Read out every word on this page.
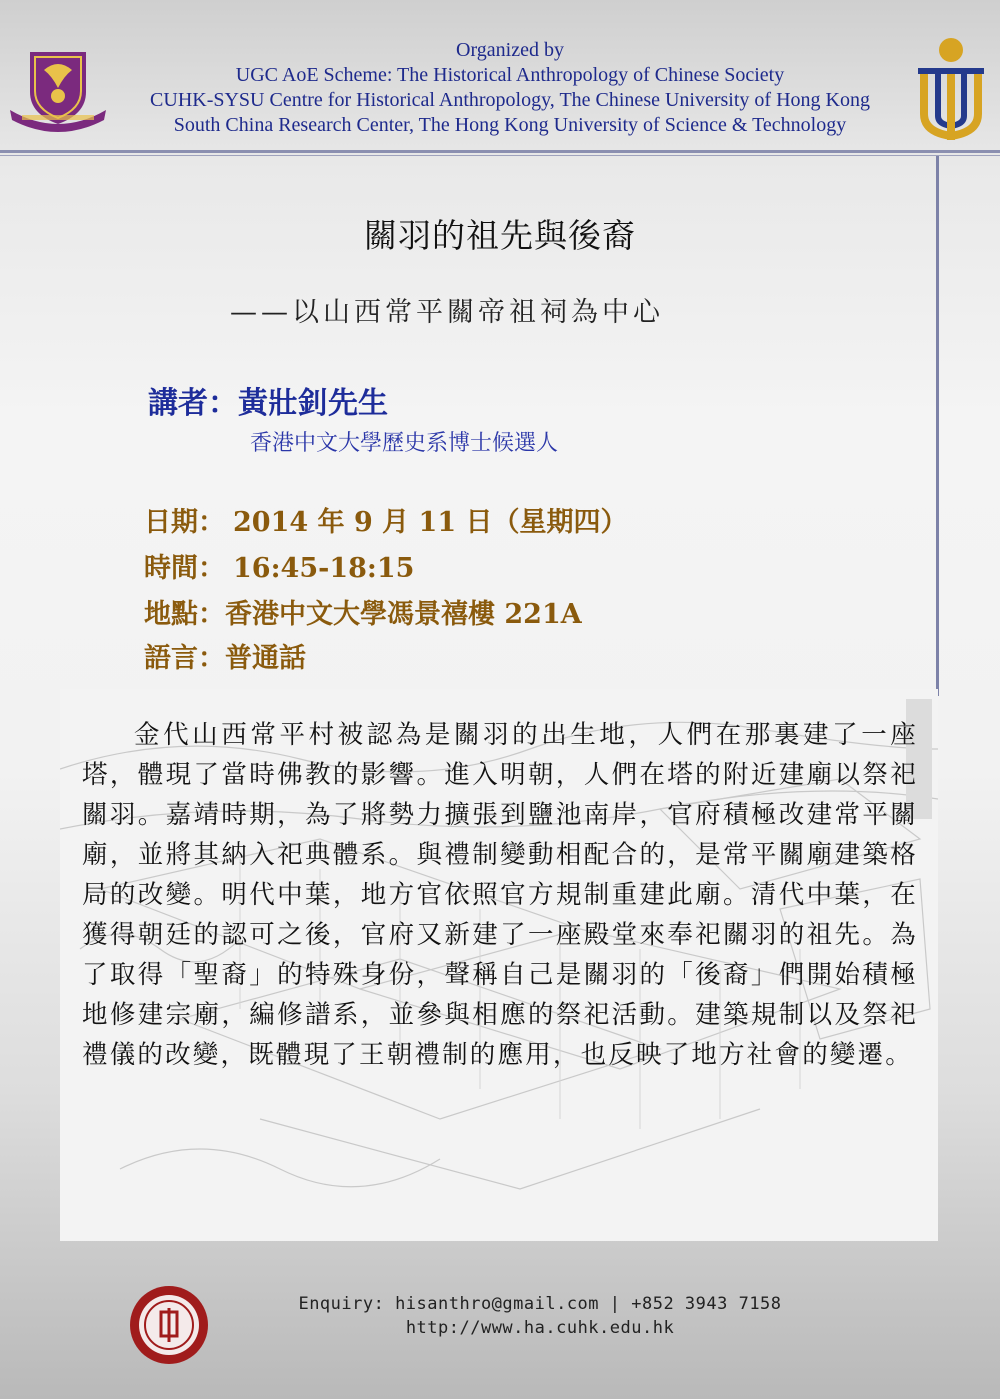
Organized by
UGC AoE Scheme: The Historical Anthropology of Chinese Society
CUHK-SYSU Centre for Historical Anthropology, The Chinese University of Hong Kong
South China Research Center, The Hong Kong University of Science & Technology
關羽的祖先與後裔
——以山西常平關帝祖祠為中心
講者：黃壯釗先生
香港中文大學歷史系博士候選人
日期： 2014 年 9 月 11 日（星期四）
時間： 16:45-18:15
地點：香港中文大學馮景禧樓 221A
語言：普通話
金代山西常平村被認為是關羽的出生地，人們在那裏建了一座塔，體現了當時佛教的影響。進入明朝，人們在塔的附近建廟以祭祀關羽。嘉靖時期，為了將勢力擴張到鹽池南岸，官府積極改建常平關廟，並將其納入祀典體系。與禮制變動相配合的，是常平關廟建築格局的改變。明代中葉，地方官依照官方規制重建此廟。清代中葉，在獲得朝廷的認可之後，官府又新建了一座殿堂來奉祀關羽的祖先。為了取得「聖裔」的特殊身份，聲稱自己是關羽的「後裔」們開始積極地修建宗廟，編修譜系，並參與相應的祭祀活動。建築規制以及祭祀禮儀的改變，既體現了王朝禮制的應用，也反映了地方社會的變遷。
Enquiry: hisanthro@gmail.com | +852 3943 7158
http://www.ha.cuhk.edu.hk
